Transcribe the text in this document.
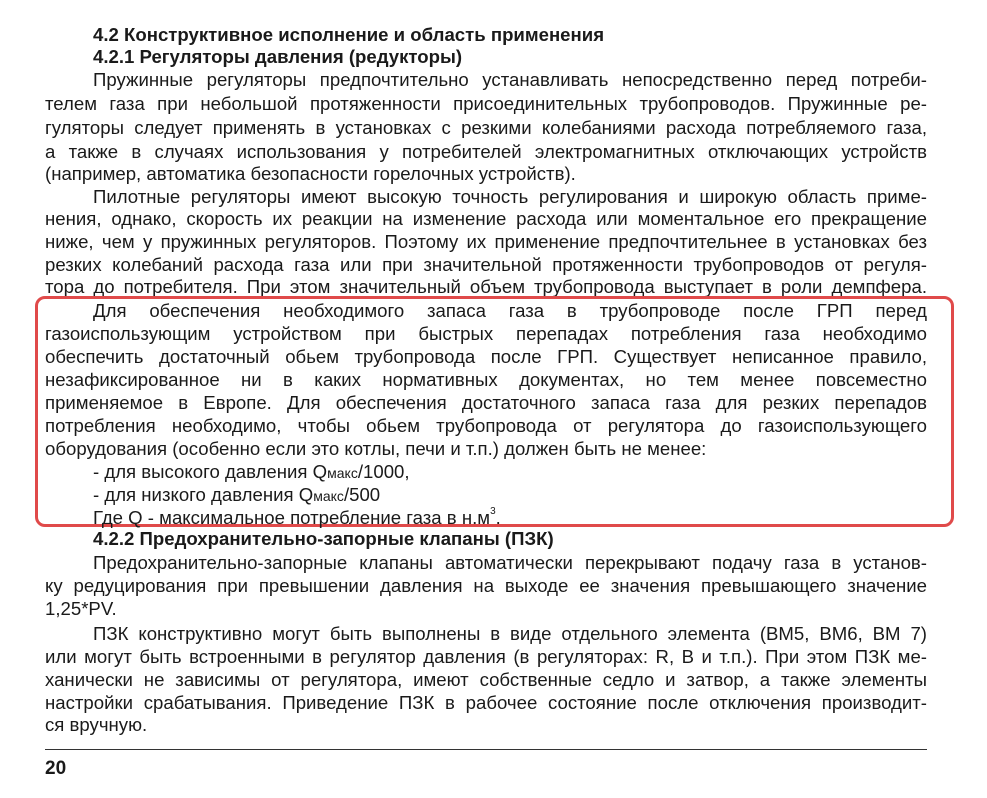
4.2 Конструктивное исполнение и область применения
4.2.1 Регуляторы давления (редукторы)
Пружинные регуляторы предпочтительно устанавливать непосредственно перед потреби-
телем газа при небольшой протяженности присоединительных трубопроводов. Пружинные ре-
гуляторы следует применять в установках с резкими колебаниями расхода потребляемого газа,
а также в случаях использования у потребителей электромагнитных отключающих устройств
(например, автоматика безопасности горелочных устройств).
Пилотные регуляторы имеют высокую точность регулирования и широкую область приме-
нения, однако, скорость их реакции на изменение расхода или моментальное его прекращение
ниже, чем у пружинных регуляторов. Поэтому их применение предпочтительнее в установках без
резких колебаний расхода газа или при значительной протяженности трубопроводов от регуля-
тора до потребителя. При этом значительный объем трубопровода выступает в роли демпфера.
Для обеспечения необходимого запаса газа в трубопроводе после ГРП перед
газоиспользующим устройством при быстрых перепадах потребления газа необходимо
обеспечить достаточный обьем трубопровода после ГРП. Существует неписанное правило,
незафиксированное ни в каких нормативных документах, но тем менее повсеместно
применяемое в Европе. Для обеспечения достаточного запаса газа для резких перепадов
потребления необходимо, чтобы обьем трубопровода от регулятора до газоиспользующего
оборудования (особенно если это котлы, печи и т.п.) должен быть не менее:
- для высокого давления Qмакс/1000,
- для низкого давления Qмакс/500
Где Q - максимальное потребление газа в $н.м^3$.
4.2.2 Предохранительно-запорные клапаны (ПЗК)
Предохранительно-запорные клапаны автоматически перекрывают подачу газа в установ-
ку редуцирования при превышении давления на выходе ее значения превышающего значение
1,25*PV.
ПЗК конструктивно могут быть выполнены в виде отдельного элемента (BM5, BM6, BM 7)
или могут быть встроенными в регулятор давления (в регуляторах: R, B и т.п.). При этом ПЗК ме-
ханически не зависимы от регулятора, имеют собственные седло и затвор, а также элементы
настройки срабатывания. Приведение ПЗК в рабочее состояние после отключения производит-
ся вручную.
20
